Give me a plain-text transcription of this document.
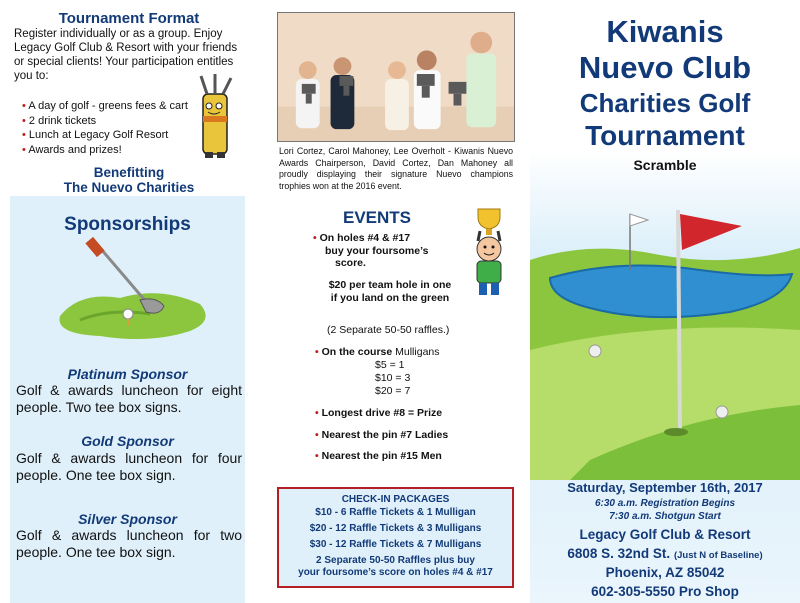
Tournament Format
Register individually or as a group. Enjoy Legacy Golf Club & Resort with your friends or special clients! Your participation entitles you to:
• A day of golf - greens fees & cart
• 2 drink tickets
• Lunch at Legacy Golf Resort
• Awards and prizes!
Benefitting
The Nuevo Charities
Sponsorships
Platinum Sponsor
Golf & awards luncheon for eight people. Two tee box signs.
Gold Sponsor
Golf & awards luncheon for four people. One tee box sign.
Silver Sponsor
Golf & awards luncheon for two people. One tee box sign.
Lori Cortez, Carol Mahoney, Lee Overholt - Kiwanis Nuevo Awards Chairperson, David Cortez, Dan Mahoney all proudly displaying their signature Nuevo champions trophies won at the 2016 event.
EVENTS
• On holes #4 & #17
buy your foursome’s
score.
$20 per team hole in one
if you land on the green
(2 Separate 50-50 raffles.)
• On the course Mulligans
$5 = 1
$10 = 3
$20 = 7
• Longest drive #8 = Prize
• Nearest the pin #7 Ladies
• Nearest the pin #15 Men
CHECK-IN PACKAGES
$10 - 6 Raffle Tickets & 1 Mulligan
$20 - 12 Raffle Tickets & 3 Mulligans
$30 - 12 Raffle Tickets & 7 Mulligans
2 Separate 50-50 Raffles plus buy
your foursome’s score on holes #4 & #17
Kiwanis
Nuevo Club
Charities Golf
Tournament
Scramble
Saturday, September 16th, 2017
6:30 a.m. Registration Begins
7:30 a.m. Shotgun Start
Legacy Golf Club & Resort
6808 S. 32nd St. (Just N of Baseline)
Phoenix, AZ 85042
602-305-5550 Pro Shop
